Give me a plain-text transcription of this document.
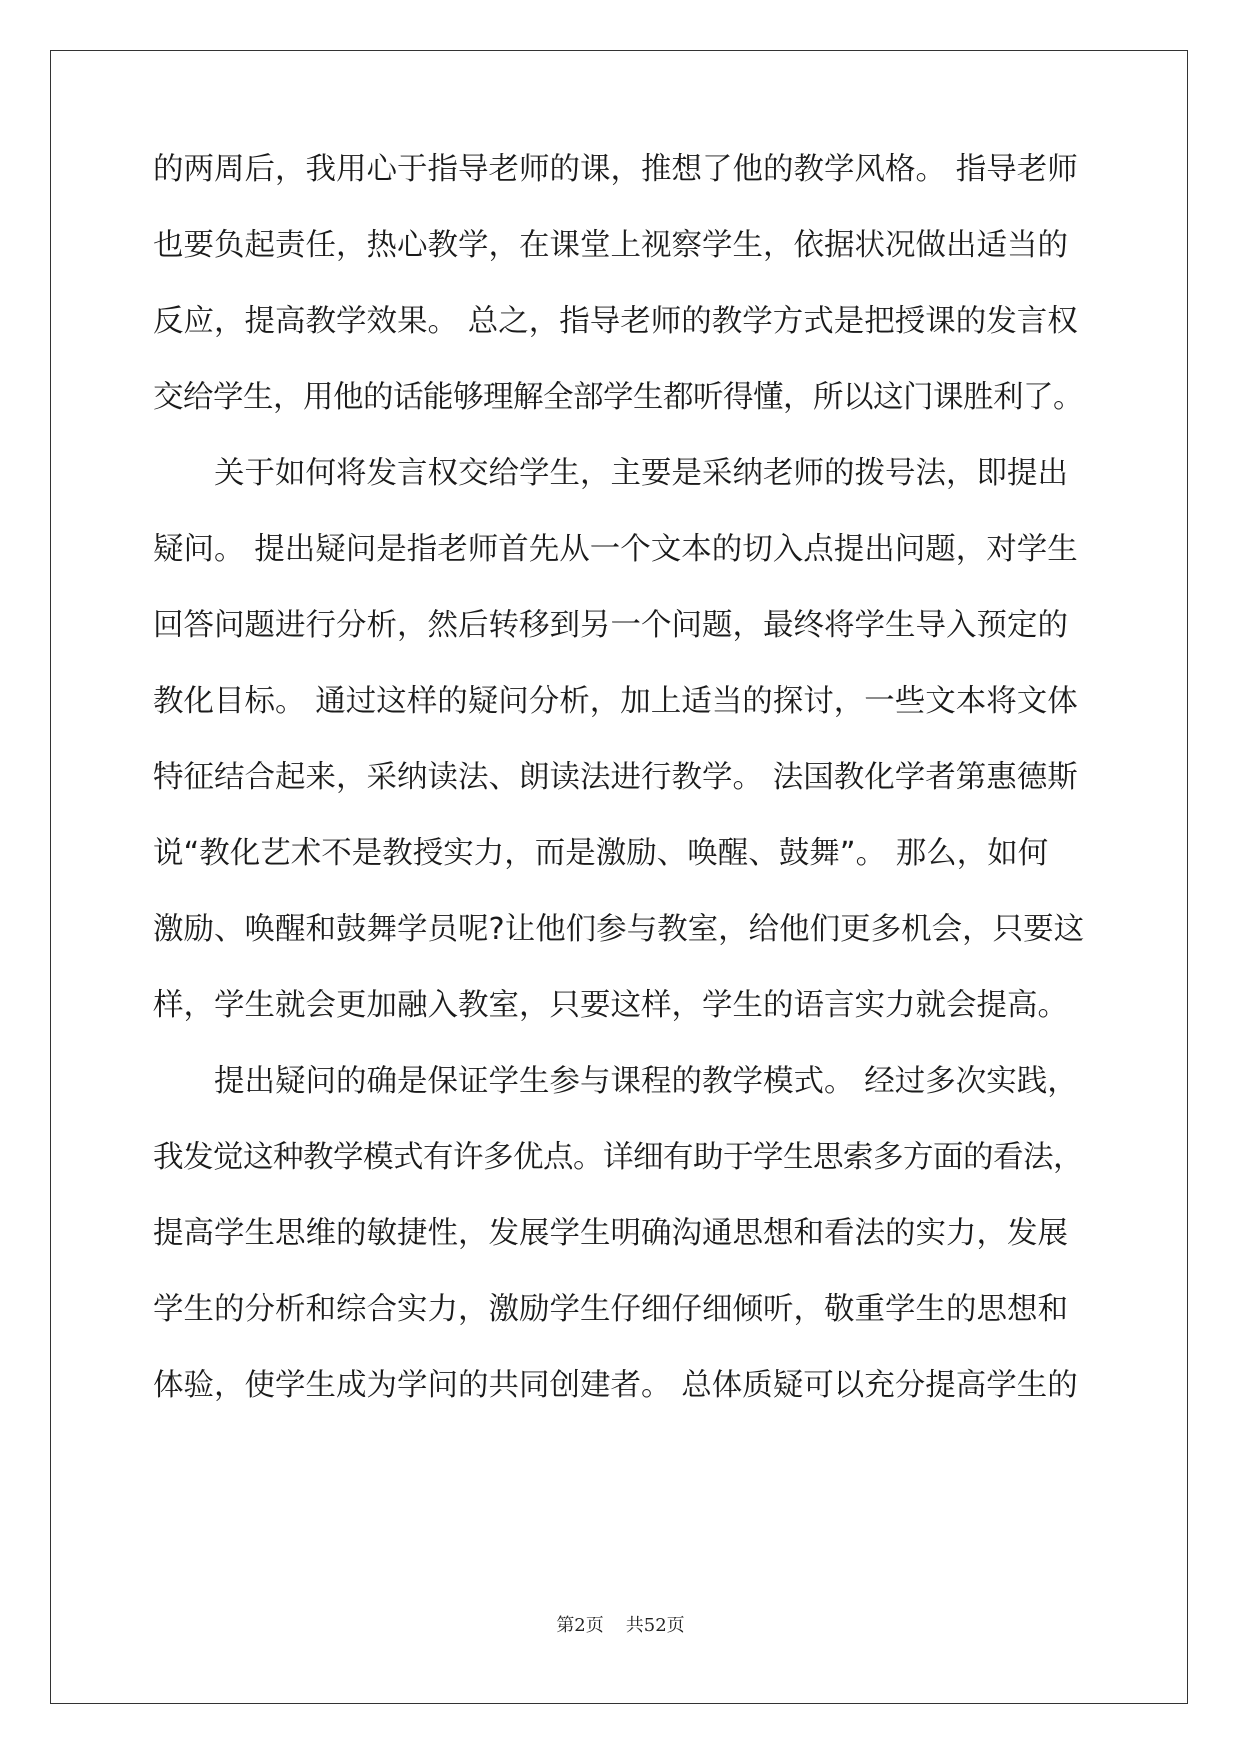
的两周后，我用心于指导老师的课，推想了他的教学风格。 指导老师
也要负起责任，热心教学，在课堂上视察学生，依据状况做出适当的
反应，提高教学效果。 总之，指导老师的教学方式是把授课的发言权
交给学生，用他的话能够理解全部学生都听得懂，所以这门课胜利了。
关于如何将发言权交给学生，主要是采纳老师的拨号法，即提出
疑问。 提出疑问是指老师首先从一个文本的切入点提出问题，对学生
回答问题进行分析，然后转移到另一个问题，最终将学生导入预定的
教化目标。 通过这样的疑问分析，加上适当的探讨，一些文本将文体
特征结合起来，采纳读法、朗读法进行教学。 法国教化学者第惠德斯
说“教化艺术不是教授实力，而是激励、唤醒、鼓舞”。 那么，如何
激励、唤醒和鼓舞学员呢?让他们参与教室，给他们更多机会，只要这
样，学生就会更加融入教室，只要这样，学生的语言实力就会提高。
提出疑问的确是保证学生参与课程的教学模式。 经过多次实践，
我发觉这种教学模式有许多优点。详细有助于学生思索多方面的看法，
提高学生思维的敏捷性，发展学生明确沟通思想和看法的实力，发展
学生的分析和综合实力，激励学生仔细仔细倾听，敬重学生的思想和
体验，使学生成为学问的共同创建者。 总体质疑可以充分提高学生的
第2页 共52页
